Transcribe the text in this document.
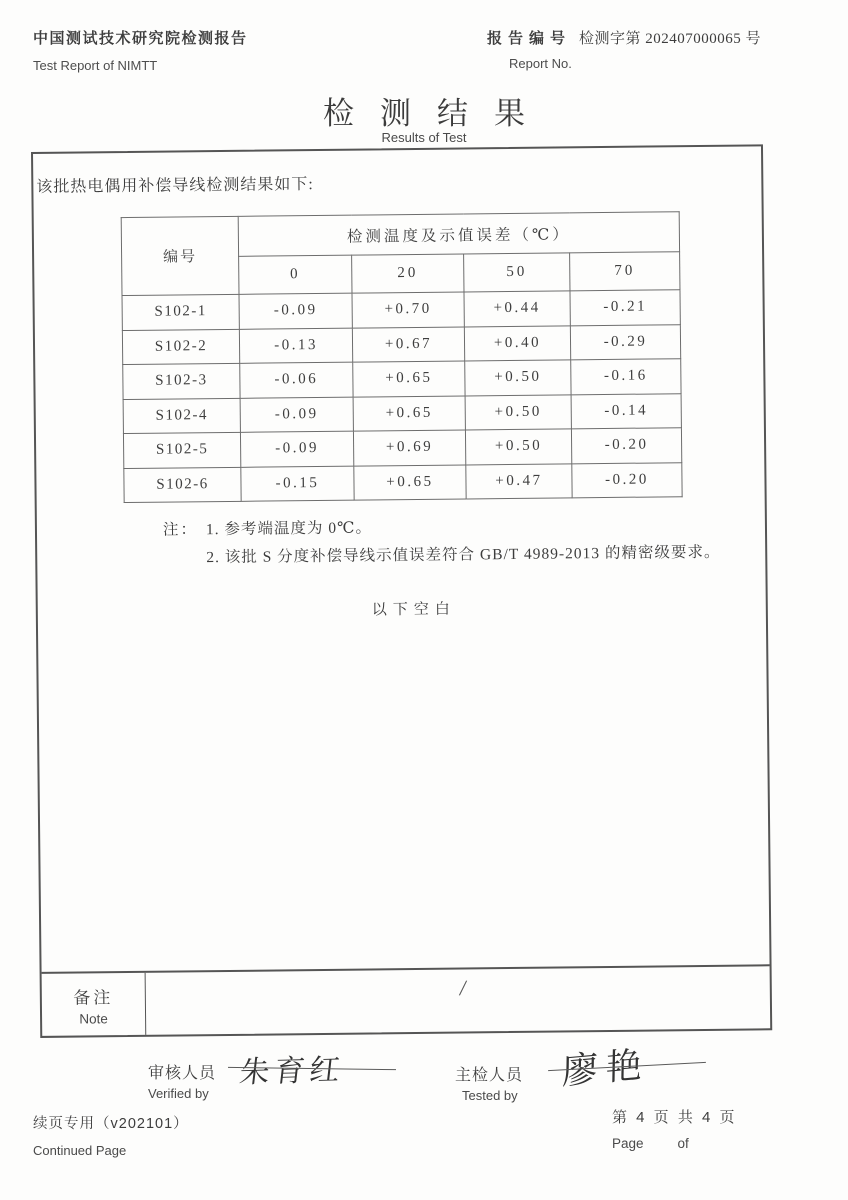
中国测试技术研究院检测报告
Test Report of NIMTT
报告编号 检测字第 202407000065 号
Report No.
检测结果
Results of Test
该批热电偶用补偿导线检测结果如下:
编号	检测温度及示值误差（℃）			
	0	20	50	70
S102-1	-0.09	+0.70	+0.44	-0.21
S102-2	-0.13	+0.67	+0.40	-0.29
S102-3	-0.06	+0.65	+0.50	-0.16
S102-4	-0.09	+0.65	+0.50	-0.14
S102-5	-0.09	+0.69	+0.50	-0.20
S102-6	-0.15	+0.65	+0.47	-0.20
注： 1. 参考端温度为 0℃。
2. 该批 S 分度补偿导线示值误差符合 GB/T 4989-2013 的精密级要求。
以下空白
备注
Note
/
审核人员 朱育红
Verified by
主检人员 廖艳
Tested by
续页专用（v202101）
Continued Page
第 4 页 共 4 页
Page	of
